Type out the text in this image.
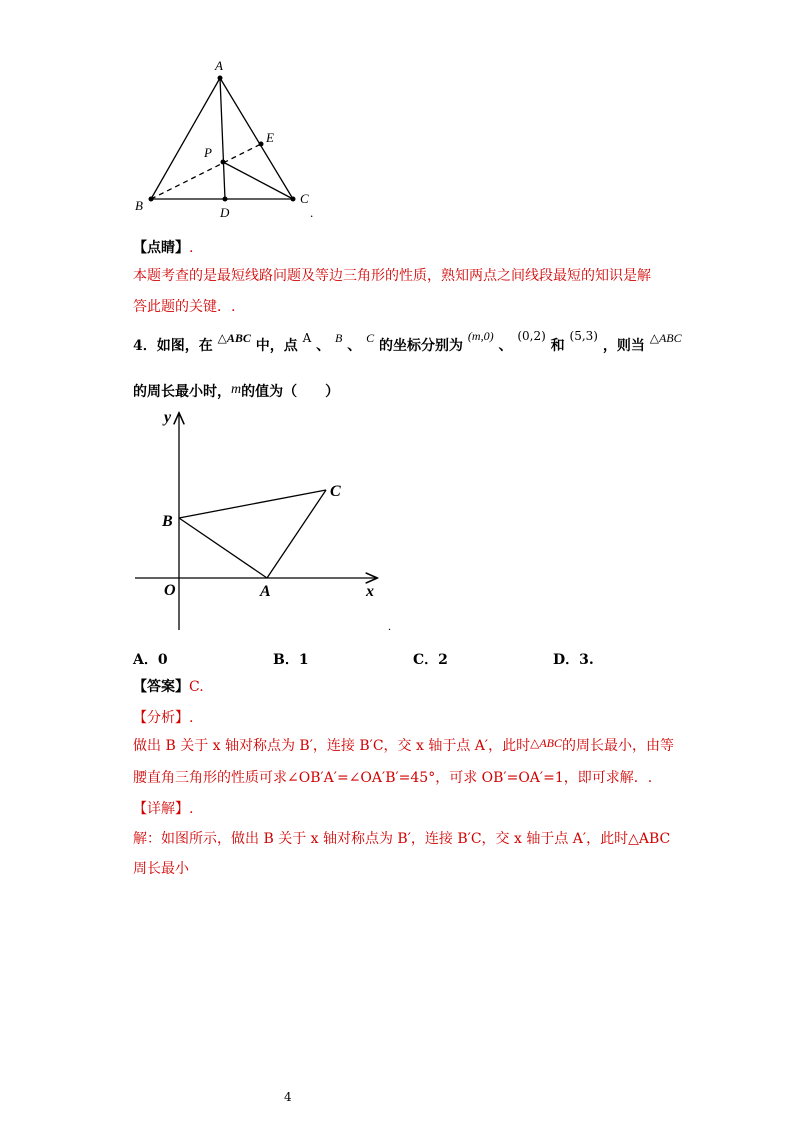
A
B	C
D
E
P
.
【点睛】.
本题考查的是最短线路问题及等边三角形的性质，熟知两点之间线段最短的知识是解
答此题的关键．.
4．如图，在 △ABC 中，点 A 、 B 、 C 的坐标分别为 (m,0) 、 (0,2) 和 (5,3) ，则当 △ABC
的周长最小时，m的值为（　　）
y
x
O	A
B
C
.
A．0	B．1	C．2	D．3.
【答案】C.
【分析】.
做出 B 关于 x 轴对称点为 B′，连接 B′C，交 x 轴于点 A′，此时△ABC的周长最小，由等
腰直角三角形的性质可求∠OB′A′=∠OA′B′=45°，可求 OB′=OA′=1，即可求解．.
【详解】.
解：如图所示，做出 B 关于 x 轴对称点为 B′，连接 B′C，交 x 轴于点 A′，此时△ABC
周长最小
4
